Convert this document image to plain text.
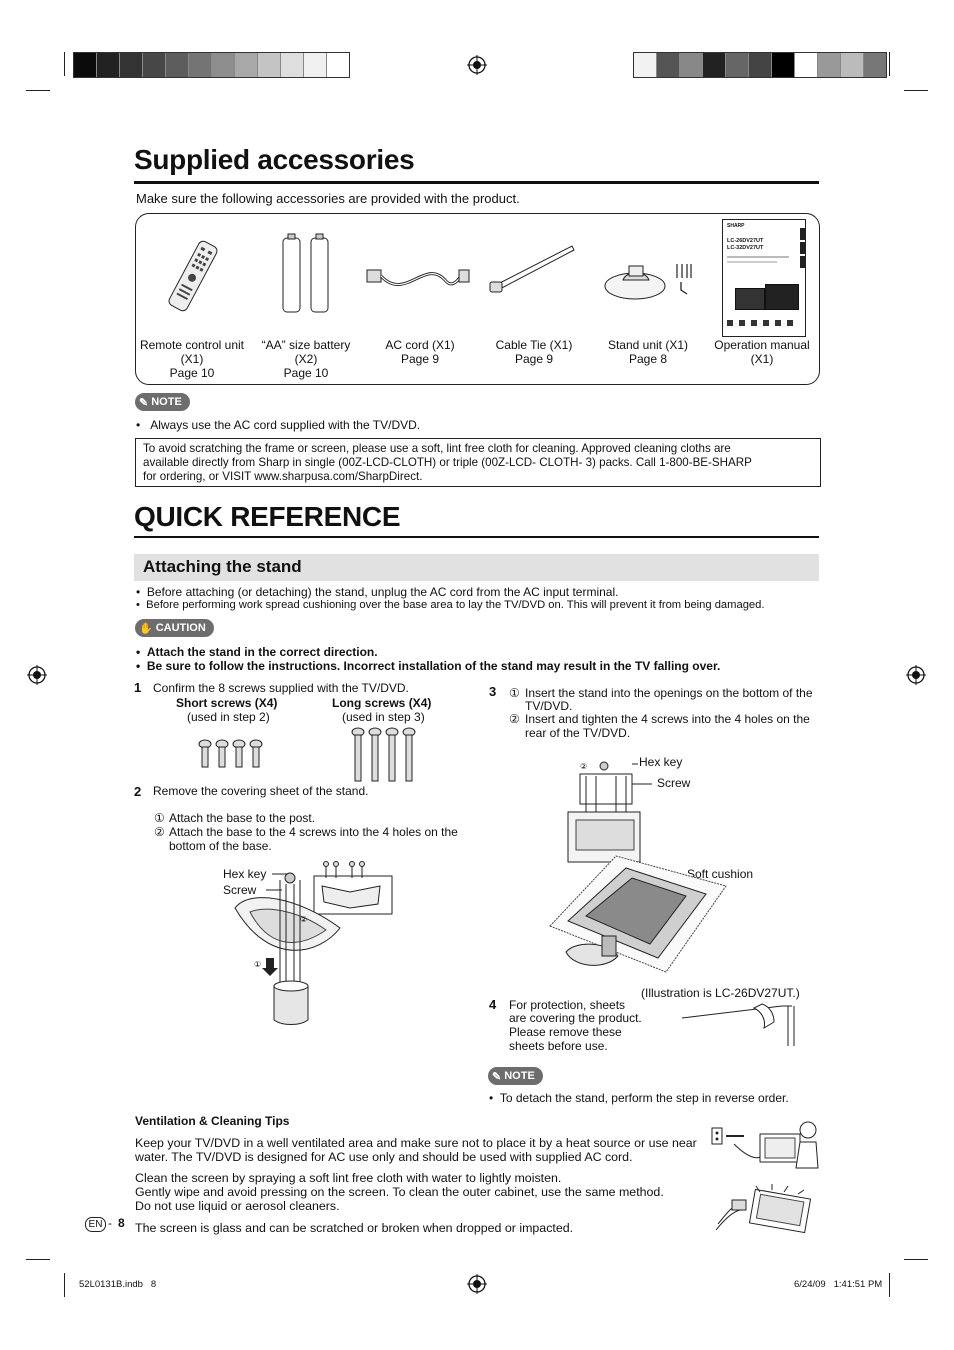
Supplied accessories
Make sure the following accessories are provided with the product.
SHARP
LC-26DV27UT
LC-32DV27UT
Remote control unit
(X1)
Page 10
“AA” size battery
(X2)
Page 10
AC cord (X1)
Page 9
Cable Tie (X1)
Page 9
Stand unit (X1)
Page 8
Operation manual
(X1)
✎ NOTE
•   Always use the AC cord supplied with the TV/DVD.
To avoid scratching the frame or screen, please use a soft, lint free cloth for cleaning. Approved cleaning cloths are
available directly from Sharp in single (00Z-LCD-CLOTH) or triple (00Z-LCD- CLOTH- 3) packs. Call 1-800-BE-SHARP
for ordering, or VISIT www.sharpusa.com/SharpDirect.
QUICK REFERENCE
Attaching the stand
•  Before attaching (or detaching) the stand, unplug the AC cord from the AC input terminal.
•  Before performing work spread cushioning over the base area to lay the TV/DVD on. This will prevent it from being damaged.
✋ CAUTION
•  Attach the stand in the correct direction.
•  Be sure to follow the instructions. Incorrect installation of the stand may result in the TV falling over.
1 Confirm the 8 screws supplied with the TV/DVD.
Short screws (X4)
(used in step 2)
Long screws (X4)
(used in step 3)
2 Remove the covering sheet of the stand.
① Attach the base to the post.
② Attach the base to the 4 screws into the 4 holes on the
bottom of the base.
Hex key
Screw
②
①
3 ① Insert the stand into the openings on the bottom of the
TV/DVD.
② Insert and tighten the 4 screws into the 4 holes on the
rear of the TV/DVD.
Hex key
Screw
Soft cushion
(Illustration is LC-26DV27UT.)
②
4 For protection, sheets
are covering the product.
Please remove these
sheets before use.
✎ NOTE
•  To detach the stand, perform the step in reverse order.
Ventilation & Cleaning Tips
Keep your TV/DVD in a well ventilated area and make sure not to place it by a heat source or use near
water. The TV/DVD is designed for AC use only and should be used with supplied AC cord.
Clean the screen by spraying a soft lint free cloth with water to lightly moisten.
Gently wipe and avoid pressing on the screen. To clean the outer cabinet, use the same method.
Do not use liquid or aerosol cleaners.
The screen is glass and can be scratched or broken when dropped or impacted.
EN - 8
52L0131B.indb   8	6/24/09   1:41:51 PM
